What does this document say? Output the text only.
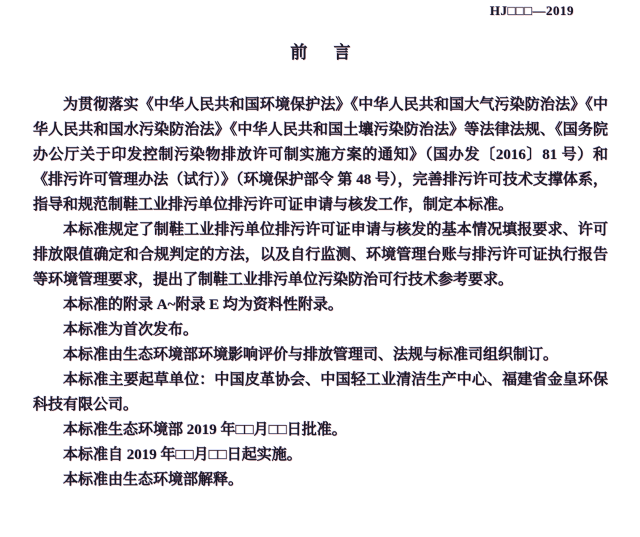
HJ□□□—2019
前 言

为贯彻落实《中华人民共和国环境保护法》《中华人民共和国大气污染防治法》《中华人民共和国水污染防治法》《中华人民共和国土壤污染防治法》等法律法规、《国务院办公厅关于印发控制污染物排放许可制实施方案的通知》（国办发〔2016〕81 号）和《排污许可管理办法（试行）》（环境保护部令 第 48 号），完善排污许可技术支撑体系，指导和规范制鞋工业排污单位排污许可证申请与核发工作，制定本标准。

本标准规定了制鞋工业排污单位排污许可证申请与核发的基本情况填报要求、许可排放限值确定和合规判定的方法，以及自行监测、环境管理台账与排污许可证执行报告等环境管理要求，提出了制鞋工业排污单位污染防治可行技术参考要求。

本标准的附录 A~附录 E 均为资料性附录。

本标准为首次发布。

本标准由生态环境部环境影响评价与排放管理司、法规与标准司组织制订。

本标准主要起草单位：中国皮革协会、中国轻工业清洁生产中心、福建省金皇环保科技有限公司。

本标准生态环境部 2019 年□□月□□日批准。

本标准自 2019 年□□月□□日起实施。

本标准由生态环境部解释。
